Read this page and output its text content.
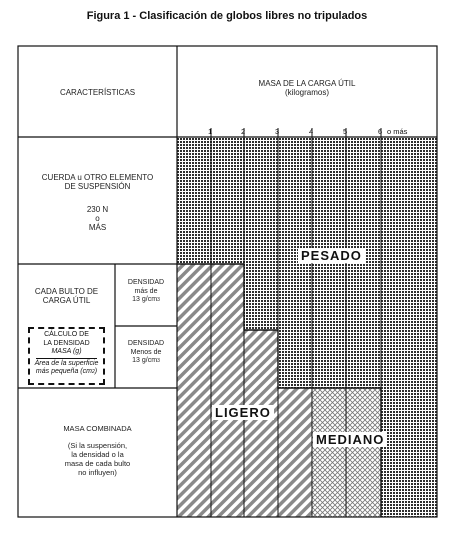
Figura 1 - Clasificación de globos libres no tripulados
CARACTERÍSTICAS
MASA DE LA CARGA ÚTIL
(kilogramos)
1	2	3	4	5	6 o más
CUERDA u OTRO ELEMENTO
DE SUSPENSIÓN
230 N
o
MÁS
CADA BULTO DE
CARGA ÚTIL
DENSIDAD
más de
13 $g/cm^3$
DENSIDAD
Menos de
13 $g/cm^3$
CÁLCULO DE
LA DENSIDAD
MASA (g)
Área de la superficie
más pequeña $(cm^2)$
MASA COMBINADA
(Si la suspensión,
la densidad o la
masa de cada bulto
no influyen)
PESADO
LIGERO
MEDIANO
